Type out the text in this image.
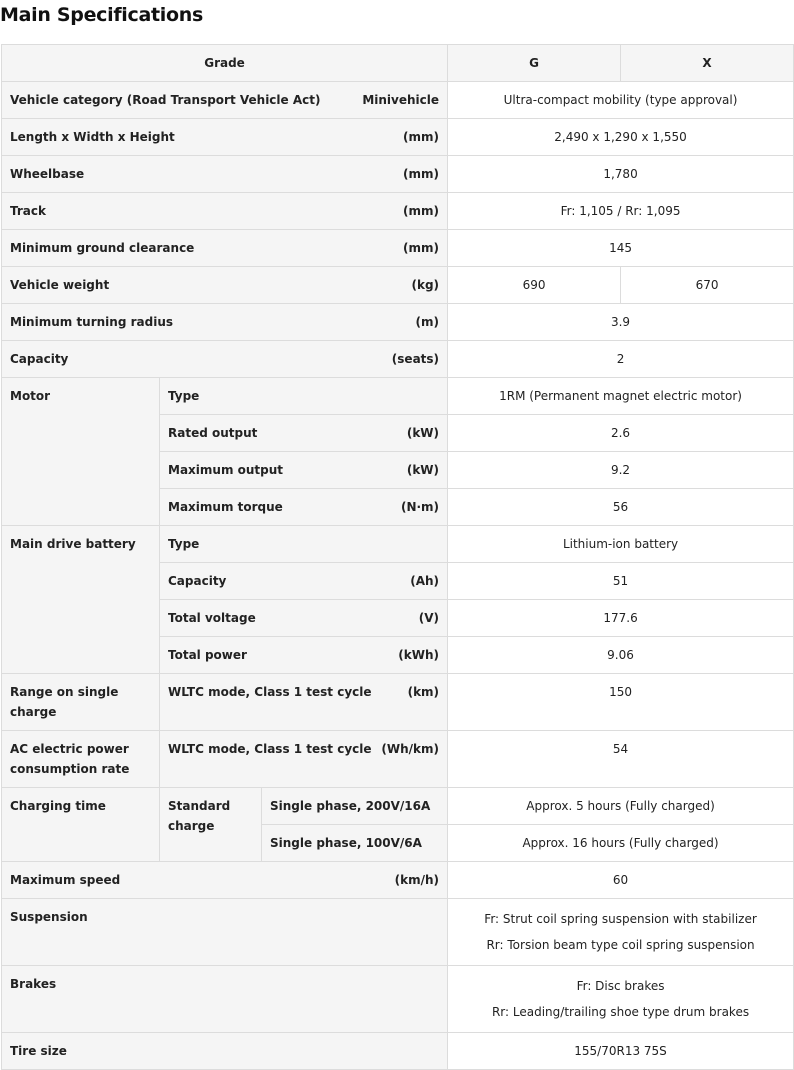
Main Specifications
Grade			G	X

Vehicle category (Road Transport Vehicle Act) Minivehicle			Ultra-compact mobility (type approval)	

Length x Width x Height (mm)			2,490 x 1,290 x 1,550	

Wheelbase (mm)			1,780	

Track (mm)			Fr: 1,105 / Rr: 1,095	

Minimum ground clearance (mm)			145	

Vehicle weight (kg)			690	670

Minimum turning radius (m)			3.9	

Capacity (seats)			2	
Motor	Type		1RM (Permanent magnet electric motor)	

	Rated output (kW)		2.6	

	Maximum output (kW)		9.2	

	Maximum torque (N·m)		56	
Main drive battery	Type		Lithium-ion battery	

	Capacity (Ah)		51	

	Total voltage (V)		177.6	

	Total power (kWh)		9.06	
Range on single charge	WLTC mode, Class 1 test cycle (km)		150	
AC electric power consumption rate	WLTC mode, Class 1 test cycle (Wh/km)		54	
Charging time	Standard charge	Single phase, 200V/16A	Approx. 5 hours (Fully charged)	
		Single phase, 100V/6A	Approx. 16 hours (Fully charged)	

Maximum speed (km/h)			60	
Suspension			Fr: Strut coil spring suspension with stabilizer
Rr: Torsion beam type coil spring suspension	

Brakes			Fr: Disc brakes
Rr: Leading/trailing shoe type drum brakes	

Tire size			155/70R13 75S	
